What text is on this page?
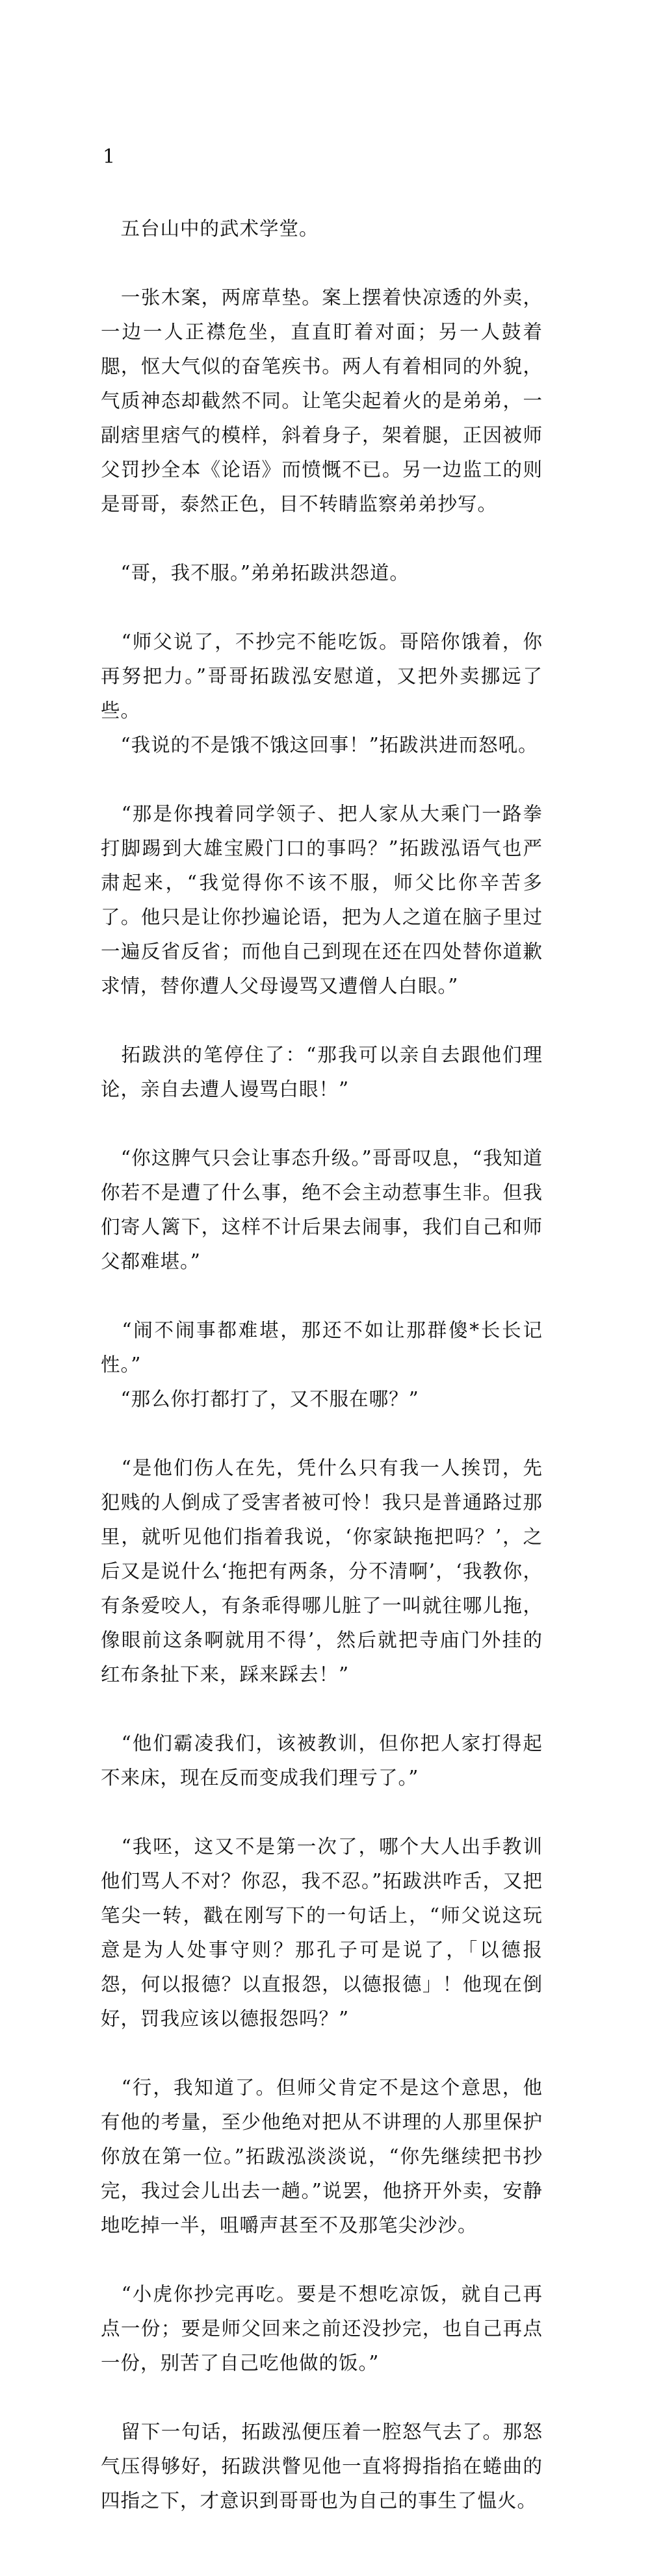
1

　五台山中的武术学堂。

　一张木案，两席草垫。案上摆着快凉透的外卖，一边一人正襟危坐，直直盯着对面；另一人鼓着腮，怄大气似的奋笔疾书。两人有着相同的外貌，气质神态却截然不同。让笔尖起着火的是弟弟，一副痞里痞气的模样，斜着身子，架着腿，正因被师父罚抄全本《论语》而愤慨不已。另一边监工的则是哥哥，泰然正色，目不转睛监察弟弟抄写。

　“哥，我不服。”弟弟拓跋洪怨道。

　“师父说了，不抄完不能吃饭。哥陪你饿着，你再努把力。”哥哥拓跋泓安慰道，又把外卖挪远了些。

　“我说的不是饿不饿这回事！”拓跋洪进而怒吼。

　“那是你拽着同学领子、把人家从大乘门一路拳打脚踢到大雄宝殿门口的事吗？”拓跋泓语气也严肃起来，“我觉得你不该不服，师父比你辛苦多了。他只是让你抄遍论语，把为人之道在脑子里过一遍反省反省；而他自己到现在还在四处替你道歉求情，替你遭人父母谩骂又遭僧人白眼。”

　拓跋洪的笔停住了：“那我可以亲自去跟他们理论，亲自去遭人谩骂白眼！”

　“你这脾气只会让事态升级。”哥哥叹息，“我知道你若不是遭了什么事，绝不会主动惹事生非。但我们寄人篱下，这样不计后果去闹事，我们自己和师父都难堪。”

　“闹不闹事都难堪，那还不如让那群傻*长长记性。”

　“那么你打都打了，又不服在哪？”

　“是他们伤人在先，凭什么只有我一人挨罚，先犯贱的人倒成了受害者被可怜！我只是普通路过那里，就听见他们指着我说，‘你家缺拖把吗？’，之后又是说什么‘拖把有两条，分不清啊’，‘我教你，有条爱咬人，有条乖得哪儿脏了一叫就往哪儿拖，像眼前这条啊就用不得’，然后就把寺庙门外挂的红布条扯下来，踩来踩去！”

　“他们霸凌我们，该被教训，但你把人家打得起不来床，现在反而变成我们理亏了。”

　“我呸，这又不是第一次了，哪个大人出手教训他们骂人不对？你忍，我不忍。”拓跋洪咋舌，又把笔尖一转，戳在刚写下的一句话上，“师父说这玩意是为人处事守则？那孔子可是说了，「以德报怨，何以报德？以直报怨，以德报德」！他现在倒好，罚我应该以德报怨吗？”

　“行，我知道了。但师父肯定不是这个意思，他有他的考量，至少他绝对把从不讲理的人那里保护你放在第一位。”拓跋泓淡淡说，“你先继续把书抄完，我过会儿出去一趟。”说罢，他挤开外卖，安静地吃掉一半，咀嚼声甚至不及那笔尖沙沙。

　“小虎你抄完再吃。要是不想吃凉饭，就自己再点一份；要是师父回来之前还没抄完，也自己再点一份，别苦了自己吃他做的饭。”

　留下一句话，拓跋泓便压着一腔怒气去了。那怒气压得够好，拓跋洪瞥见他一直将拇指掐在蜷曲的四指之下，才意识到哥哥也为自己的事生了愠火。
